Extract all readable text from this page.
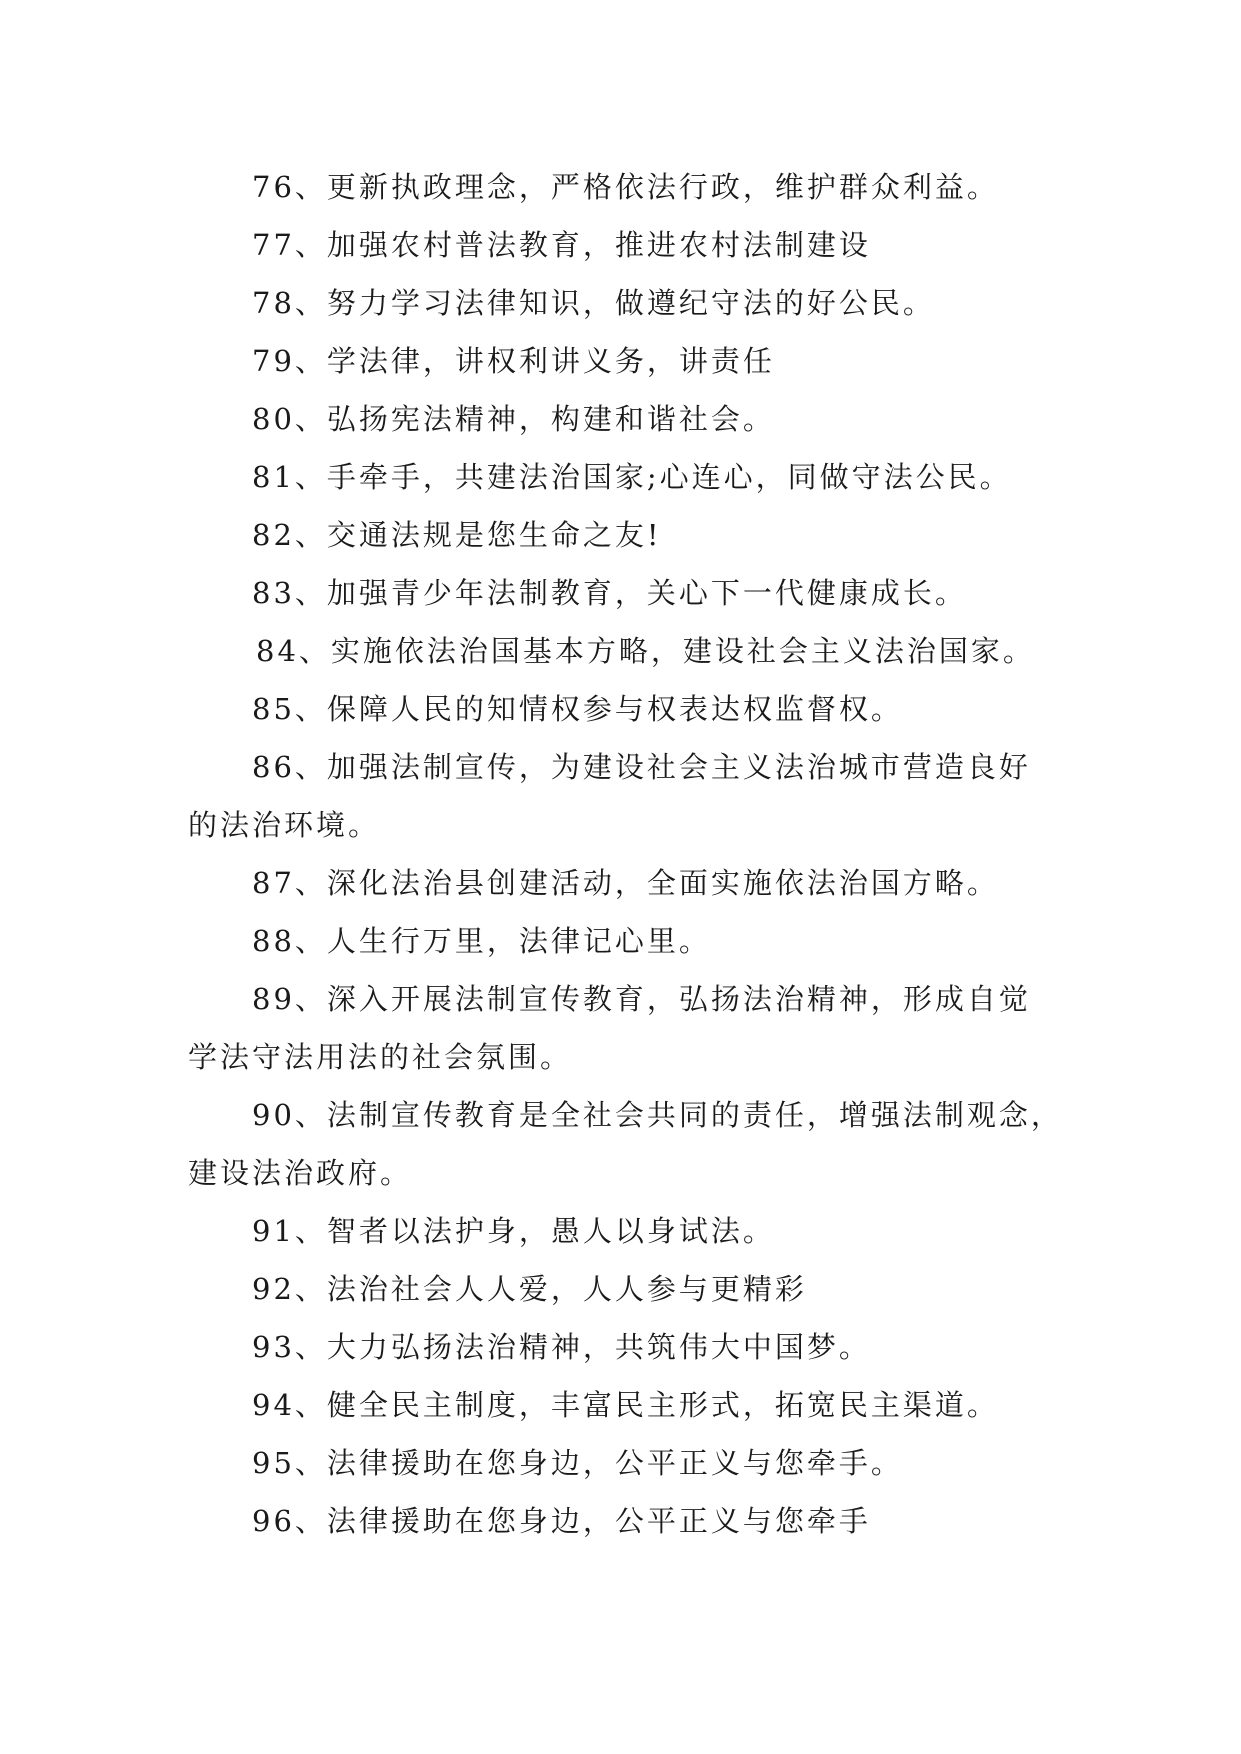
76、更新执政理念，严格依法行政，维护群众利益。
77、加强农村普法教育，推进农村法制建设
78、努力学习法律知识，做遵纪守法的好公民。
79、学法律，讲权利讲义务，讲责任
80、弘扬宪法精神，构建和谐社会。
81、手牵手，共建法治国家;心连心，同做守法公民。
82、交通法规是您生命之友!
83、加强青少年法制教育，关心下一代健康成长。
84、实施依法治国基本方略，建设社会主义法治国家。
85、保障人民的知情权参与权表达权监督权。
86、加强法制宣传，为建设社会主义法治城市营造良好
的法治环境。
87、深化法治县创建活动，全面实施依法治国方略。
88、人生行万里，法律记心里。
89、深入开展法制宣传教育，弘扬法治精神，形成自觉
学法守法用法的社会氛围。
90、法制宣传教育是全社会共同的责任，增强法制观念，
建设法治政府。
91、智者以法护身，愚人以身试法。
92、法治社会人人爱，人人参与更精彩
93、大力弘扬法治精神，共筑伟大中国梦。
94、健全民主制度，丰富民主形式，拓宽民主渠道。
95、法律援助在您身边，公平正义与您牵手。
96、法律援助在您身边，公平正义与您牵手
